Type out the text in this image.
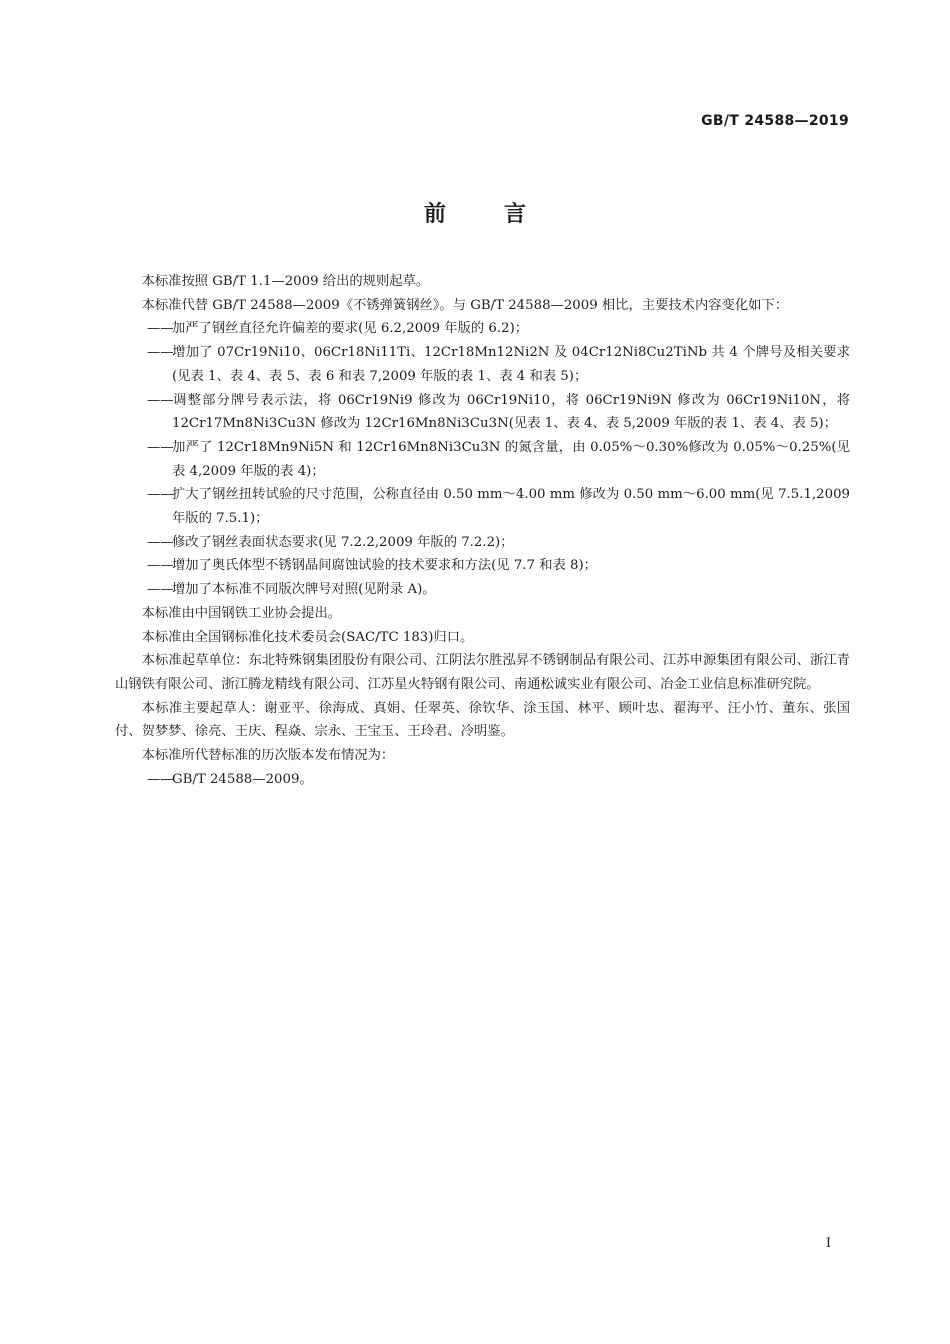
GB/T 24588—2019
前言

本标准按照 GB/T 1.1—2009 给出的规则起草。

本标准代替 GB/T 24588—2009《不锈弹簧钢丝》。与 GB/T 24588—2009 相比，主要技术内容变化如下：

——加严了钢丝直径允许偏差的要求(见 6.2,2009 年版的 6.2)；

——增加了 07Cr19Ni10、06Cr18Ni11Ti、12Cr18Mn12Ni2N 及 04Cr12Ni8Cu2TiNb 共 4 个牌号及相关要求(见表 1、表 4、表 5、表 6 和表 7,2009 年版的表 1、表 4 和表 5)；

——调整部分牌号表示法，将 06Cr19Ni9 修改为 06Cr19Ni10，将 06Cr19Ni9N 修改为 06Cr19Ni10N，将 12Cr17Mn8Ni3Cu3N 修改为 12Cr16Mn8Ni3Cu3N(见表 1、表 4、表 5,2009 年版的表 1、表 4、表 5)；

——加严了 12Cr18Mn9Ni5N 和 12Cr16Mn8Ni3Cu3N 的氮含量，由 0.05%～0.30%修改为 0.05%～0.25%(见表 4,2009 年版的表 4)；

——扩大了钢丝扭转试验的尺寸范围，公称直径由 0.50 mm～4.00 mm 修改为 0.50 mm～6.00 mm(见 7.5.1,2009 年版的 7.5.1)；

——修改了钢丝表面状态要求(见 7.2.2,2009 年版的 7.2.2)；

——增加了奥氏体型不锈钢晶间腐蚀试验的技术要求和方法(见 7.7 和表 8)；

——增加了本标准不同版次牌号对照(见附录 A)。

本标准由中国钢铁工业协会提出。

本标准由全国钢标准化技术委员会(SAC/TC 183)归口。

本标准起草单位：东北特殊钢集团股份有限公司、江阴法尔胜泓昇不锈钢制品有限公司、江苏申源集团有限公司、浙江青山钢铁有限公司、浙江腾龙精线有限公司、江苏星火特钢有限公司、南通松诚实业有限公司、冶金工业信息标准研究院。

本标准主要起草人：谢亚平、徐海成、真娟、任翠英、徐钦华、涂玉国、林平、顾叶忠、翟海平、汪小竹、董东、张国付、贺梦梦、徐亮、王庆、程焱、宗永、王宝玉、王玲君、冷明鉴。

本标准所代替标准的历次版本发布情况为：

——GB/T 24588—2009。

I
